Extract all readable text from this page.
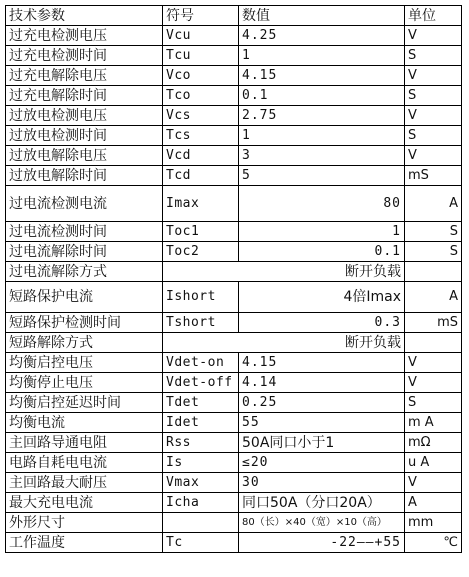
技术参数	符号	数值	单位
过充电检测电压	Vcu	4.25	V
过充电检测时间	Tcu	1	S
过充电解除电压	Vco	4.15	V
过充电解除时间	Tco	0.1	S
过放电检测电压	Vcs	2.75	V
过放电检测时间	Tcs	1	S
过放电解除电压	Vcd	3	V
过放电解除时间	Tcd	5	mS
过电流检测电流	Imax	80	A
过电流检测时间	Toc1	1	S
过电流解除时间	Toc2	0.1	S
过电流解除方式	断开负载		
短路保护电流	Ishort	4倍Imax	A
短路保护检测时间	Tshort	0.3	mS
短路解除方式	断开负载		
均衡启控电压	Vdet-on	4.15	V
均衡停止电压	Vdet-off	4.14	V
均衡启控延迟时间	Tdet	0.25	S
均衡电流	Idet	55	m A
主回路导通电阻	Rss	50A同口小于1	mΩ
电路自耗电电流	Is	≤20	u A
主回路最大耐压	Vmax	30	V
最大充电电流	Icha	同口50A（分口20A）	A
外形尺寸		80（长）×40（宽）×10（高）	mm
工作温度	Tc	-22——+55	℃
